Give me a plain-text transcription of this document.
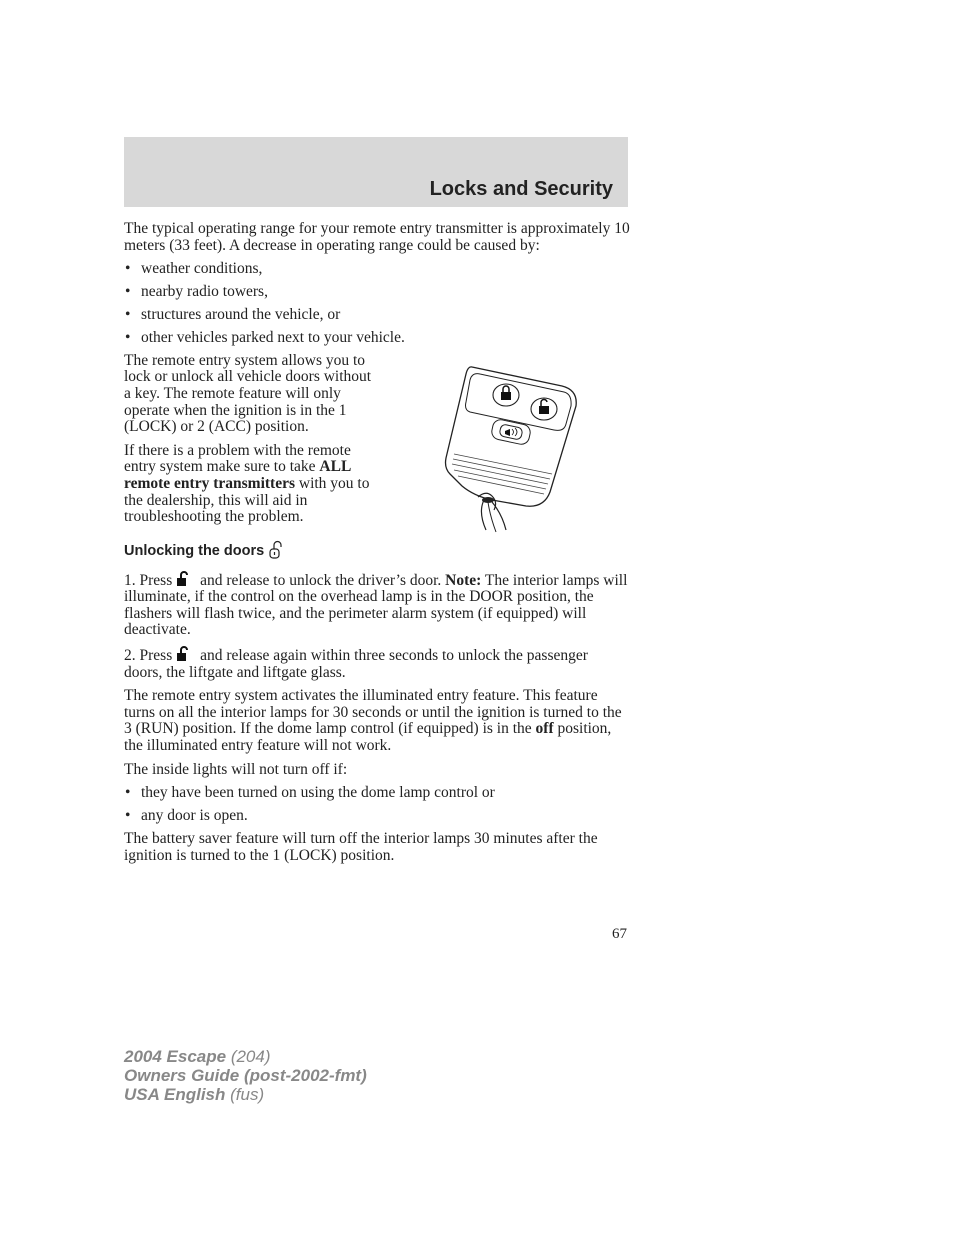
Locks and Security

The typical operating range for your remote entry transmitter is approximately 10 meters (33 feet). A decrease in operating range could be caused by:

• weather conditions,
• nearby radio towers,
• structures around the vehicle, or
• other vehicles parked next to your vehicle.

The remote entry system allows you to lock or unlock all vehicle doors without a key. The remote feature will only operate when the ignition is in the 1 (LOCK) or 2 (ACC) position.

If there is a problem with the remote entry system make sure to take ALL remote entry transmitters with you to the dealership, this will aid in troubleshooting the problem.

Unlocking the doors

1. Press and release to unlock the driver’s door. Note: The interior lamps will illuminate, if the control on the overhead lamp is in the DOOR position, the flashers will flash twice, and the perimeter alarm system (if equipped) will deactivate.

2. Press and release again within three seconds to unlock the passenger doors, the liftgate and liftgate glass.

The remote entry system activates the illuminated entry feature. This feature turns on all the interior lamps for 30 seconds or until the ignition is turned to the 3 (RUN) position. If the dome lamp control (if equipped) is in the off position, the illuminated entry feature will not work.

The inside lights will not turn off if:

• they have been turned on using the dome lamp control or
• any door is open.

The battery saver feature will turn off the interior lamps 30 minutes after the ignition is turned to the 1 (LOCK) position.

67
2004 Escape (204)
Owners Guide (post-2002-fmt)
USA English (fus)
